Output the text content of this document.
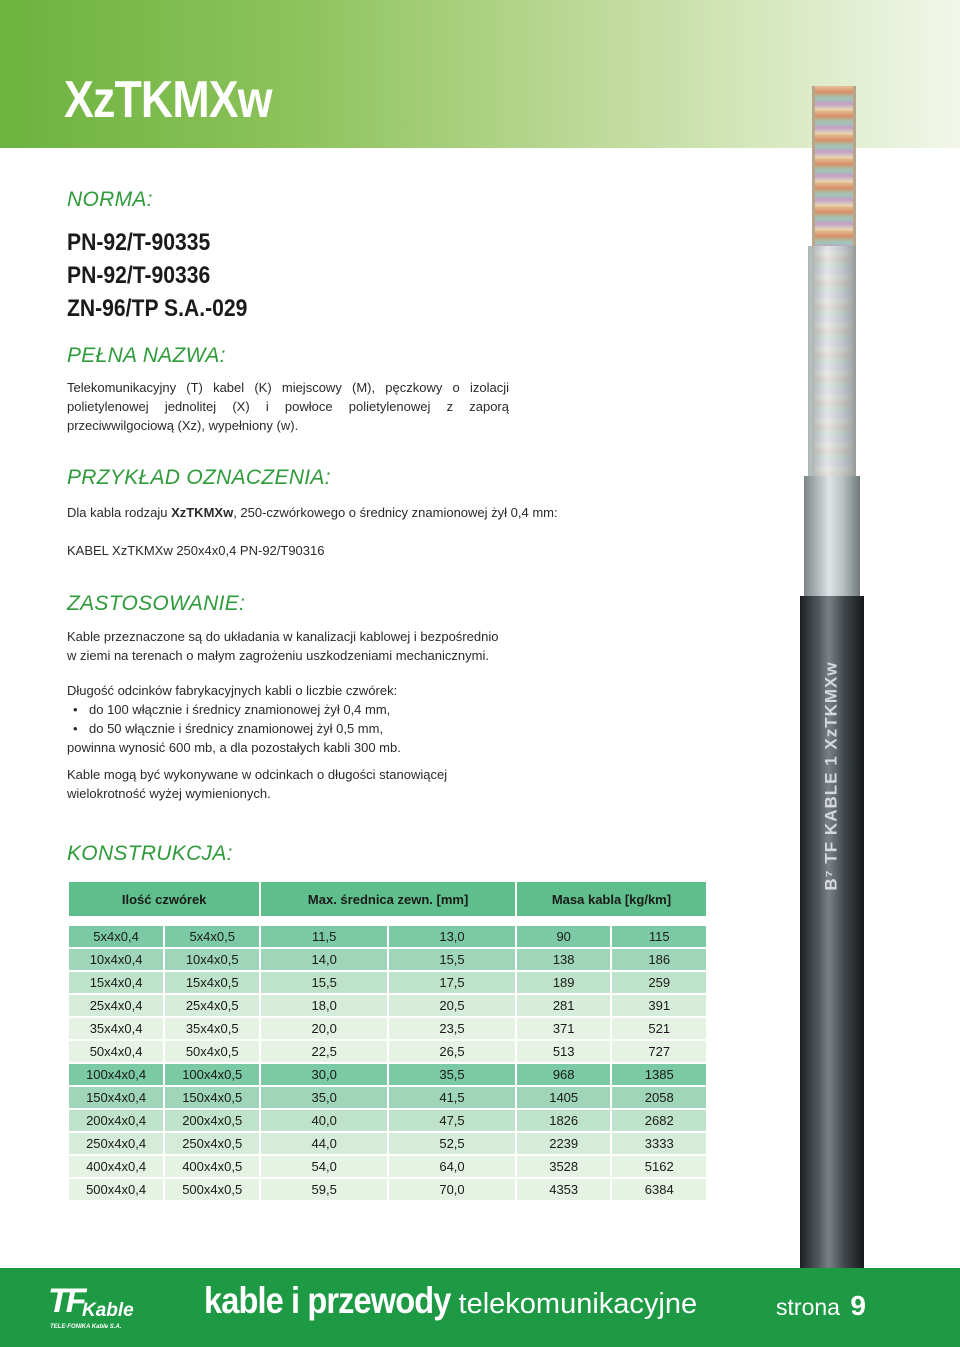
XzTKMXw
B⁷ TF KABLE 1 XzTKMXw
NORMA:
PN-92/T-90335
PN-92/T-90336
ZN-96/TP S.A.-029
PEŁNA NAZWA:

Telekomunikacyjny (T) kabel (K) miejscowy (M), pęczkowy o izolacji polietylenowej jednolitej (X) i powłoce polietylenowej z zaporą przeciwwilgociową (Xz), wypełniony (w).

PRZYKŁAD OZNACZENIA:

Dla kabla rodzaju XzTKMXw, 250-czwórkowego o średnicy znamionowej żył 0,4 mm:

KABEL XzTKMXw 250x4x0,4 PN-92/T90316

ZASTOSOWANIE:

Kable przeznaczone są do układania w kanalizacji kablowej i bezpośrednio
w ziemi na terenach o małym zagrożeniu uszkodzeniami mechanicznymi.

Długość odcinków fabrykacyjnych kabli o liczbie czwórek:

• do 100 włącznie i średnicy znamionowej żył 0,4 mm,
• do 50 włącznie i średnicy znamionowej żył 0,5 mm,

powinna wynosić 600 mb, a dla pozostałych kabli 300 mb.

Kable mogą być wykonywane w odcinkach o długości stanowiącej
wielokrotność wyżej wymienionych.

KONSTRUKCJA:
Ilość czwórek		Max. średnica zewn. [mm]		Masa kabla [kg/km]	

5x4x0,4	5x4x0,5	11,5	13,0	90	115
10x4x0,4	10x4x0,5	14,0	15,5	138	186
15x4x0,4	15x4x0,5	15,5	17,5	189	259
25x4x0,4	25x4x0,5	18,0	20,5	281	391
35x4x0,4	35x4x0,5	20,0	23,5	371	521
50x4x0,4	50x4x0,5	22,5	26,5	513	727
100x4x0,4	100x4x0,5	30,0	35,5	968	1385
150x4x0,4	150x4x0,5	35,0	41,5	1405	2058
200x4x0,4	200x4x0,5	40,0	47,5	1826	2682
250x4x0,4	250x4x0,5	44,0	52,5	2239	3333
400x4x0,4	400x4x0,5	54,0	64,0	3528	5162
500x4x0,4	500x4x0,5	59,5	70,0	4353	6384
TF
Kable
TELE-FONIKA Kable S.A.
kable i przewody telekomunikacyjne	strona 9
